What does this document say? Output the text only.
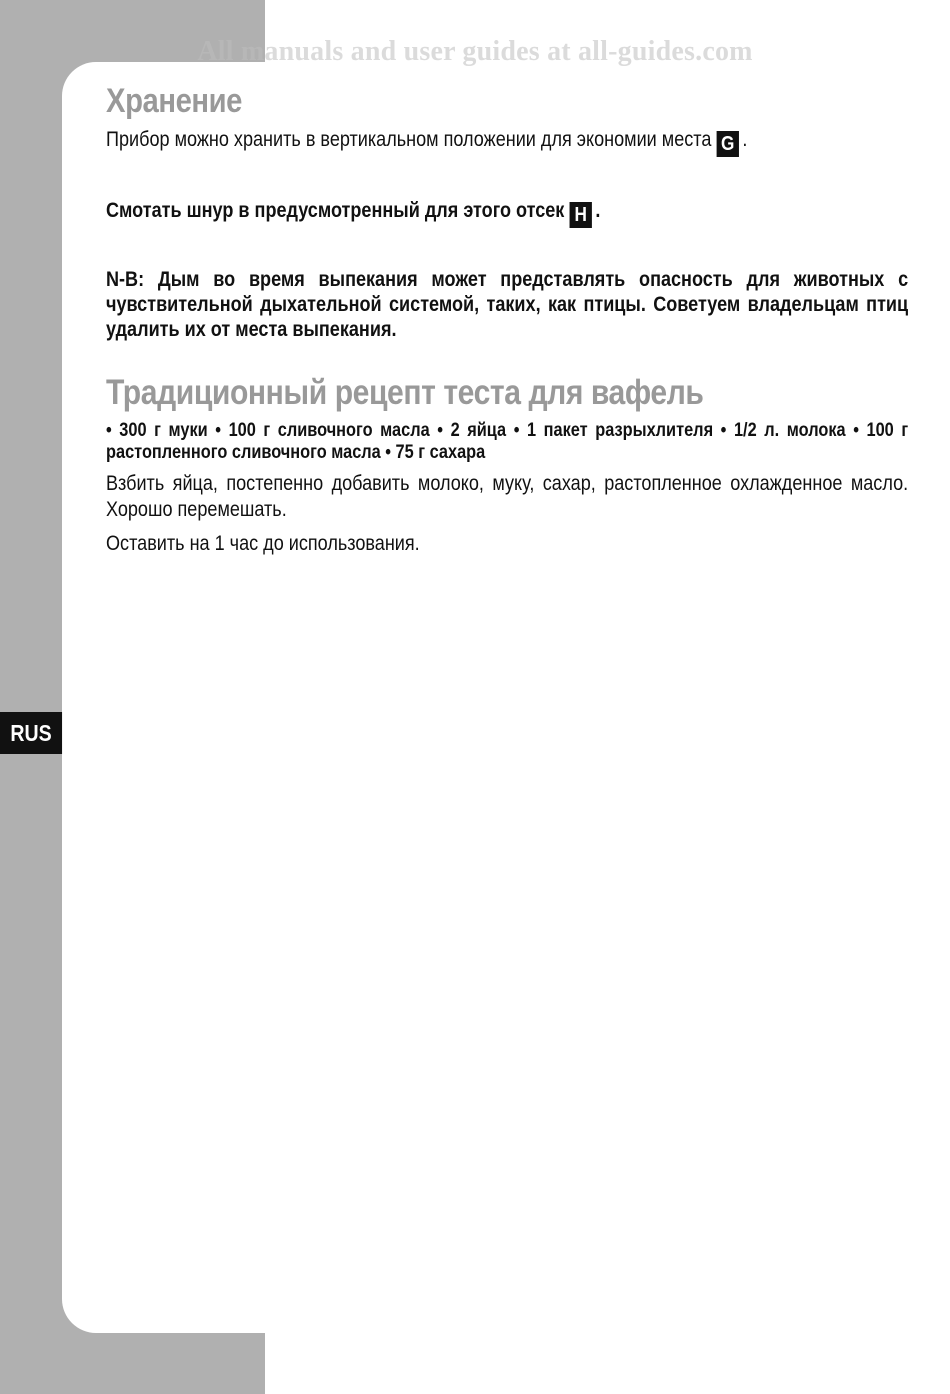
All manuals and user guides at all-guides.com
RUS
Хранение

Прибор можно хранить в вертикальном положении для экономии места G .

Смотать шнур в предусмотренный для этого отсек H .

N-B: Дым во время выпекания может представлять опасность для животных с чувствительной дыхательной системой, таких, как птицы. Советуем владельцам птиц удалить их от места выпекания.

Традиционный рецепт теста для вафель

• 300 г муки • 100 г сливочного масла • 2 яйца • 1 пакет разрыхлителя • 1/2 л. молока • 100 г растопленного сливочного масла • 75 г сахара

Взбить яйца, постепенно добавить молоко, муку, сахар, растопленное охлажденное масло. Хорошо перемешать.

Оставить на 1 час до использования.
